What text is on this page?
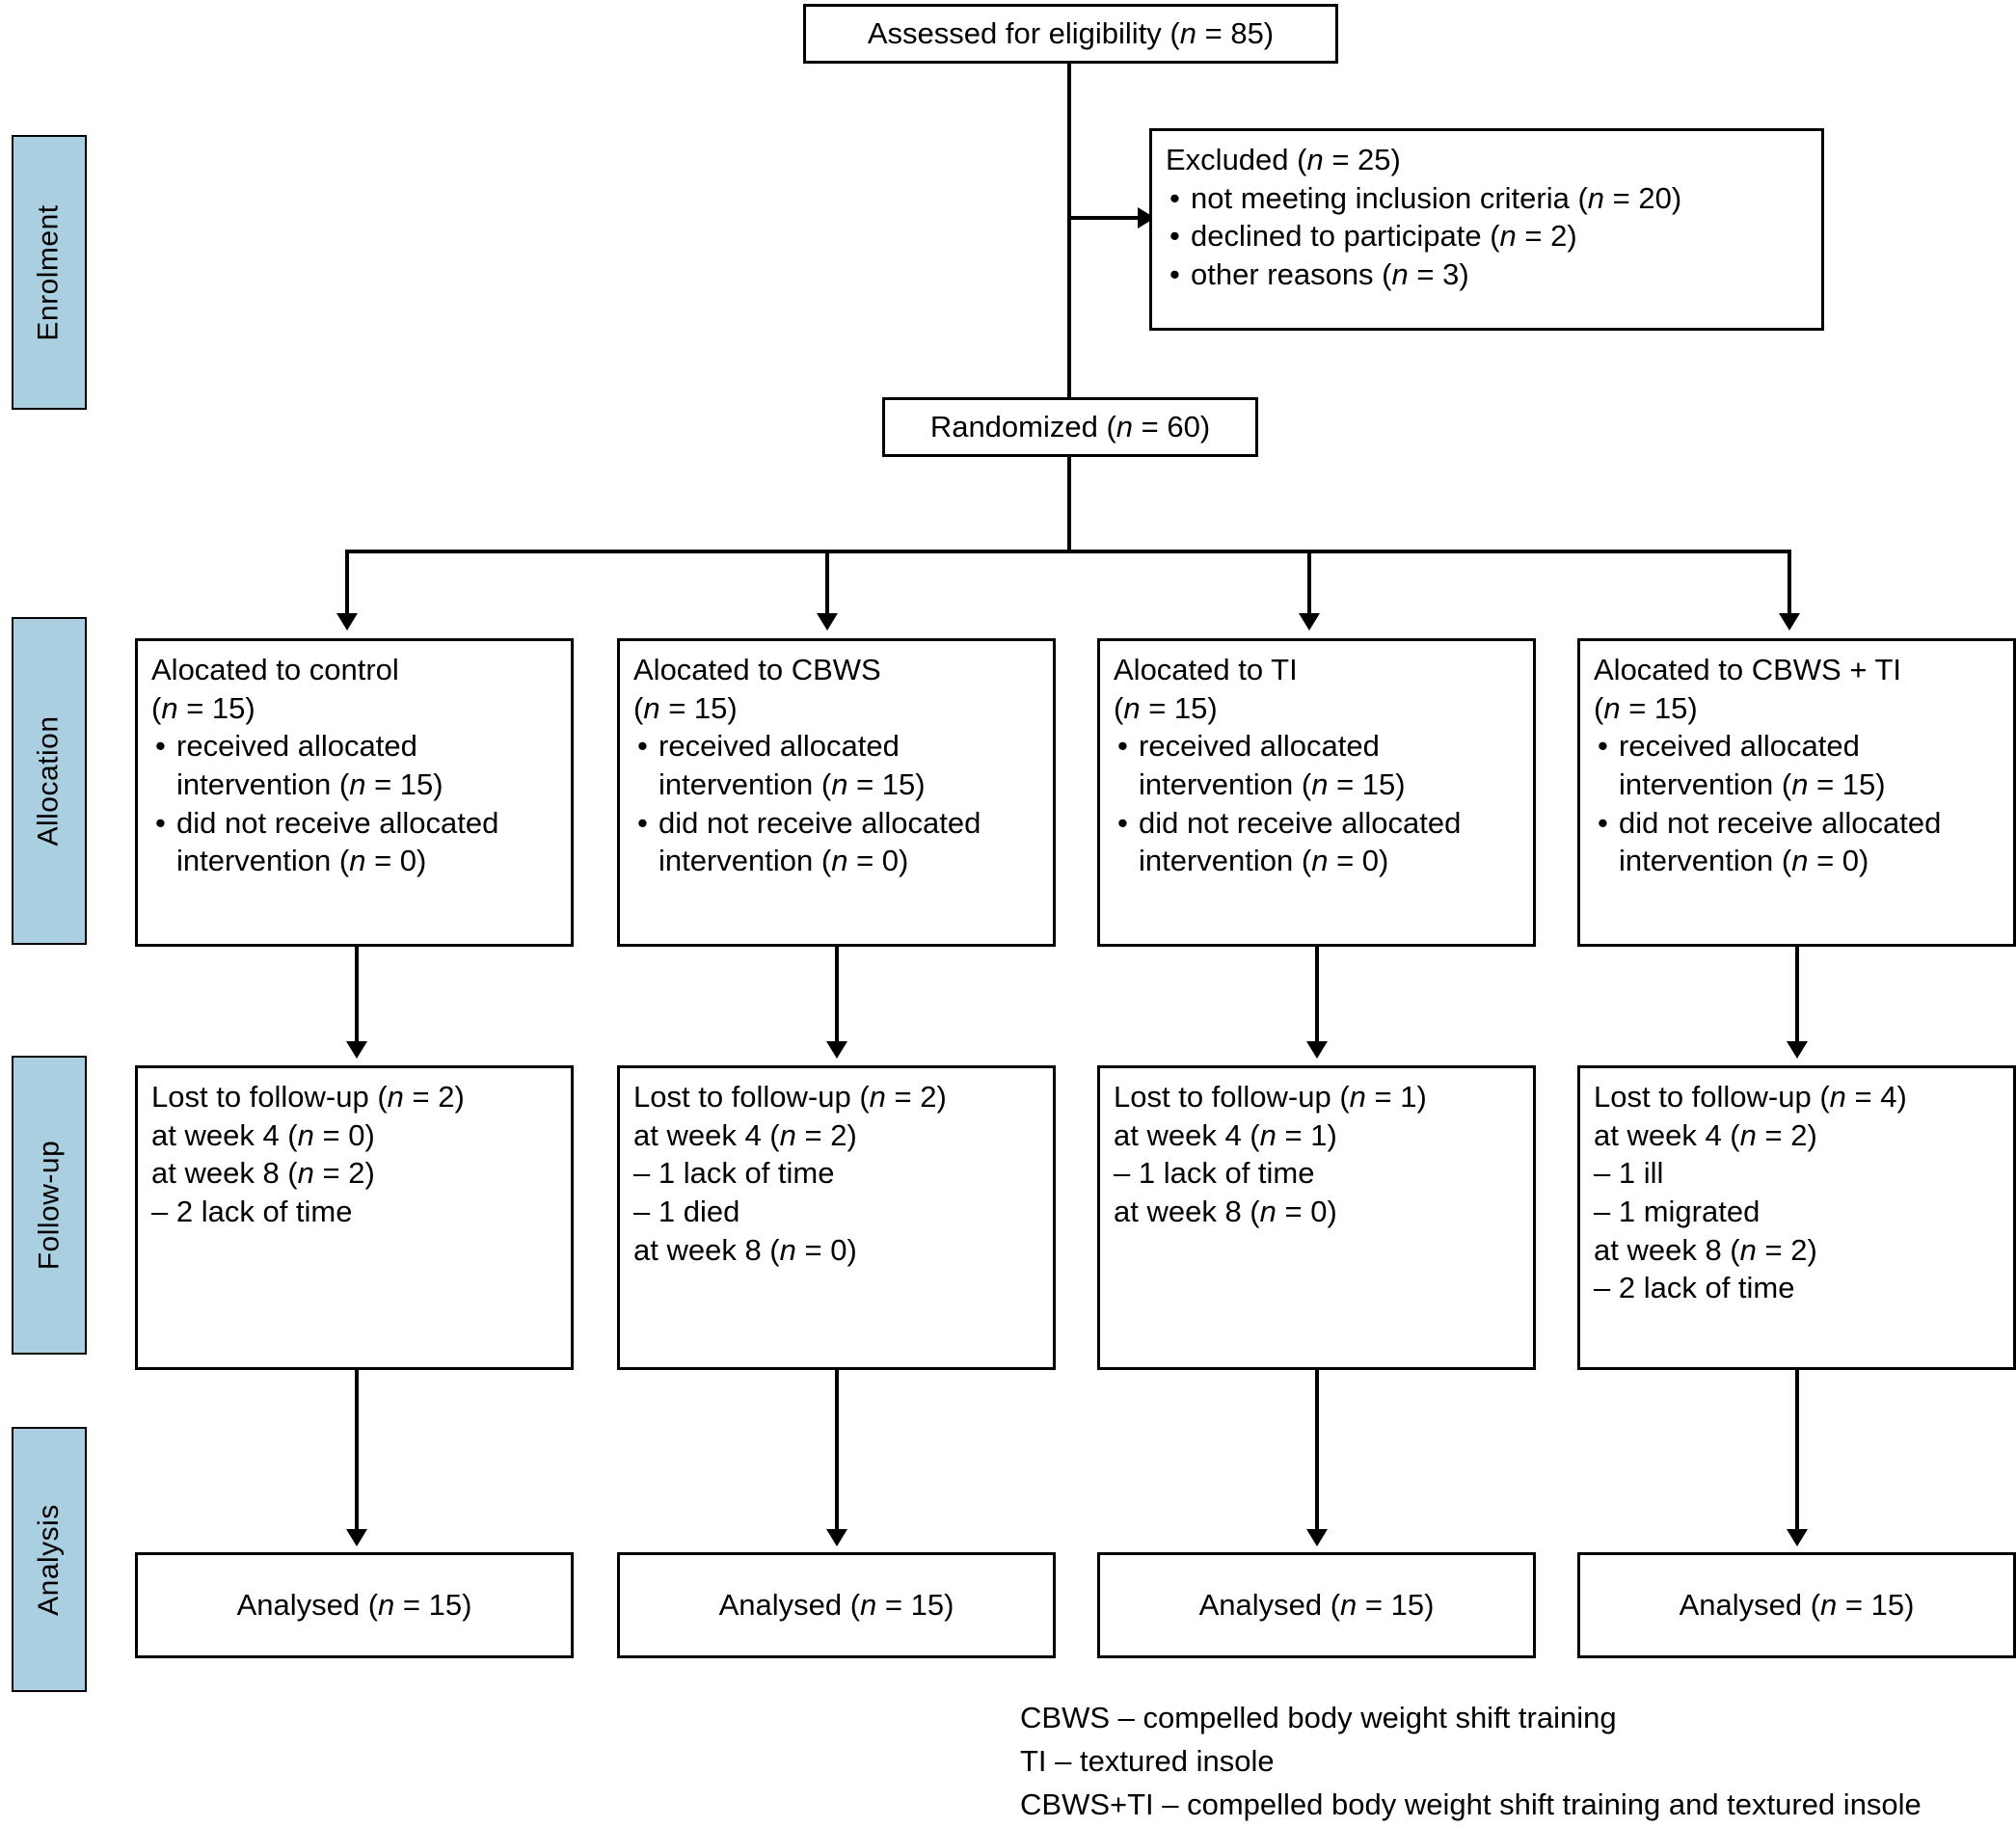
Enrolment
Allocation
Follow-up
Analysis
Assessed for eligibility (n = 85)
Excluded (n = 25)
• not meeting inclusion criteria (n = 20)
• declined to participate (n = 2)
• other reasons (n = 3)
Randomized (n = 60)
Alocated to control
(n = 15)
• received allocated intervention (n = 15)
• did not receive allocated intervention (n = 0)
Alocated to CBWS
(n = 15)
• received allocated intervention (n = 15)
• did not receive allocated intervention (n = 0)
Alocated to TI
(n = 15)
• received allocated intervention (n = 15)
• did not receive allocated intervention (n = 0)
Alocated to CBWS + TI
(n = 15)
• received allocated intervention (n = 15)
• did not receive allocated intervention (n = 0)
Lost to follow-up (n = 2)
at week 4 (n = 0)
at week 8 (n = 2)
– 2 lack of time
Lost to follow-up (n = 2)
at week 4 (n = 2)
– 1 lack of time
– 1 died
at week 8 (n = 0)
Lost to follow-up (n = 1)
at week 4 (n = 1)
– 1 lack of time
at week 8 (n = 0)
Lost to follow-up (n = 4)
at week 4 (n = 2)
– 1 ill
– 1 migrated
at week 8 (n = 2)
– 2 lack of time
Analysed (n = 15)	Analysed (n = 15)	Analysed (n = 15)	Analysed (n = 15)
CBWS – compelled body weight shift training
TI – textured insole
CBWS+TI – compelled body weight shift training and textured insole
